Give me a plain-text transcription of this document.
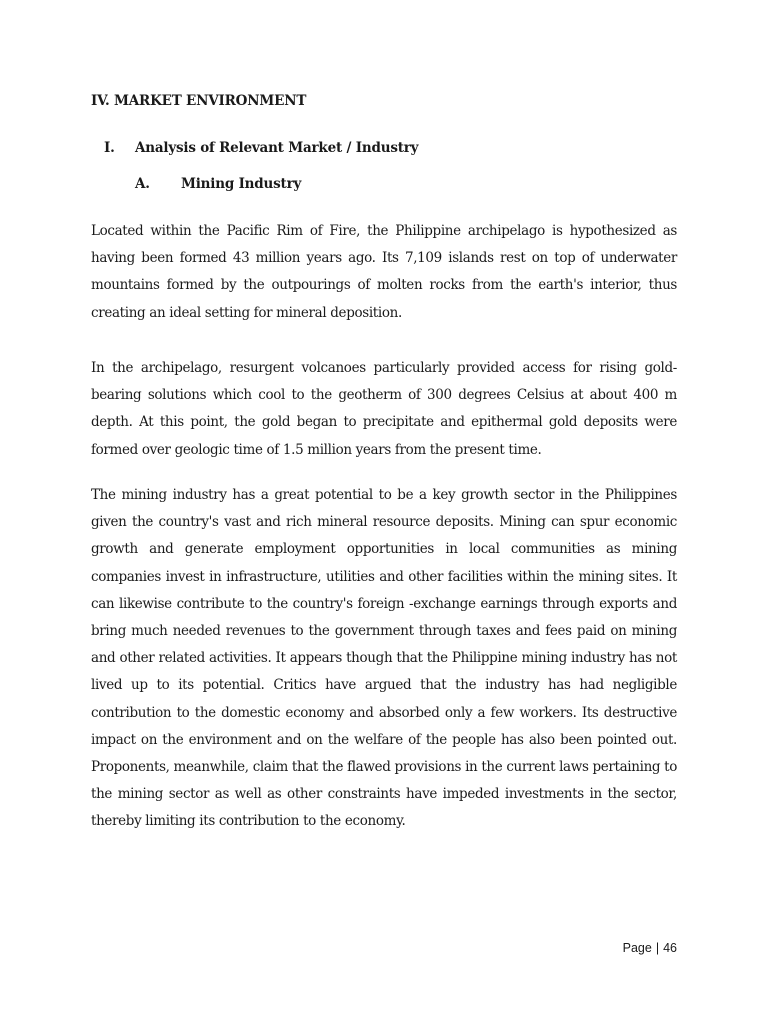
IV. MARKET ENVIRONMENT
I. Analysis of Relevant Market / Industry
A. Mining Industry

Located within the Pacific Rim of Fire, the Philippine archipelago is hypothesized as having been formed 43 million years ago. Its 7,109 islands rest on top of underwater mountains formed by the outpourings of molten rocks from the earth's interior, thus creating an ideal setting for mineral deposition.

In the archipelago, resurgent volcanoes particularly provided access for rising gold-bearing solutions which cool to the geotherm of 300 degrees Celsius at about 400 m depth. At this point, the gold began to precipitate and epithermal gold deposits were formed over geologic time of 1.5 million years from the present time.

The mining industry has a great potential to be a key growth sector in the Philippines given the country's vast and rich mineral resource deposits. Mining can spur economic growth and generate employment opportunities in local communities as mining companies invest in infrastructure, utilities and other facilities within the mining sites. It can likewise contribute to the country's foreign -exchange earnings through exports and bring much needed revenues to the government through taxes and fees paid on mining and other related activities. It appears though that the Philippine mining industry has not lived up to its potential. Critics have argued that the industry has had negligible contribution to the domestic economy and absorbed only a few workers. Its destructive impact on the environment and on the welfare of the people has also been pointed out. Proponents, meanwhile, claim that the flawed provisions in the current laws pertaining to the mining sector as well as other constraints have impeded investments in the sector, thereby limiting its contribution to the economy.

Page | 46
